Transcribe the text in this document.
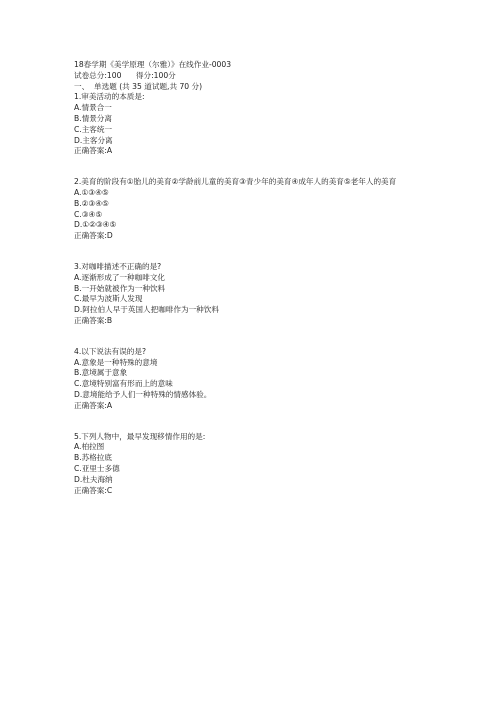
18春学期《美学原理（尔雅）》在线作业-0003
试卷总分:100      得分:100分
一、  单选题 (共 35 道试题,共 70 分)
1.审美活动的本质是:
A.情景合一
B.情景分离
C.主客统一
D.主客分离
正确答案:A
2.美育的阶段有①胎儿的美育②学龄前儿童的美育③青少年的美育④成年人的美育⑤老年人的美育
A.①③④⑤
B.②③④⑤
C.③④⑤
D.①②③④⑤
正确答案:D
3.对咖啡描述不正确的是?
A.逐渐形成了一种咖啡文化
B.一开始就被作为一种饮料
C.最早为波斯人发现
D.阿拉伯人早于英国人把咖啡作为一种饮料
正确答案:B
4.以下说法有误的是?
A.意象是一种特殊的意境
B.意境属于意象
C.意境特别富有形而上的意味
D.意境能给予人们一种特殊的情感体验。
正确答案:A
5.下列人物中，最早发现移情作用的是:
A.柏拉图
B.苏格拉底
C.亚里士多德
D.杜夫海纳
正确答案:C
